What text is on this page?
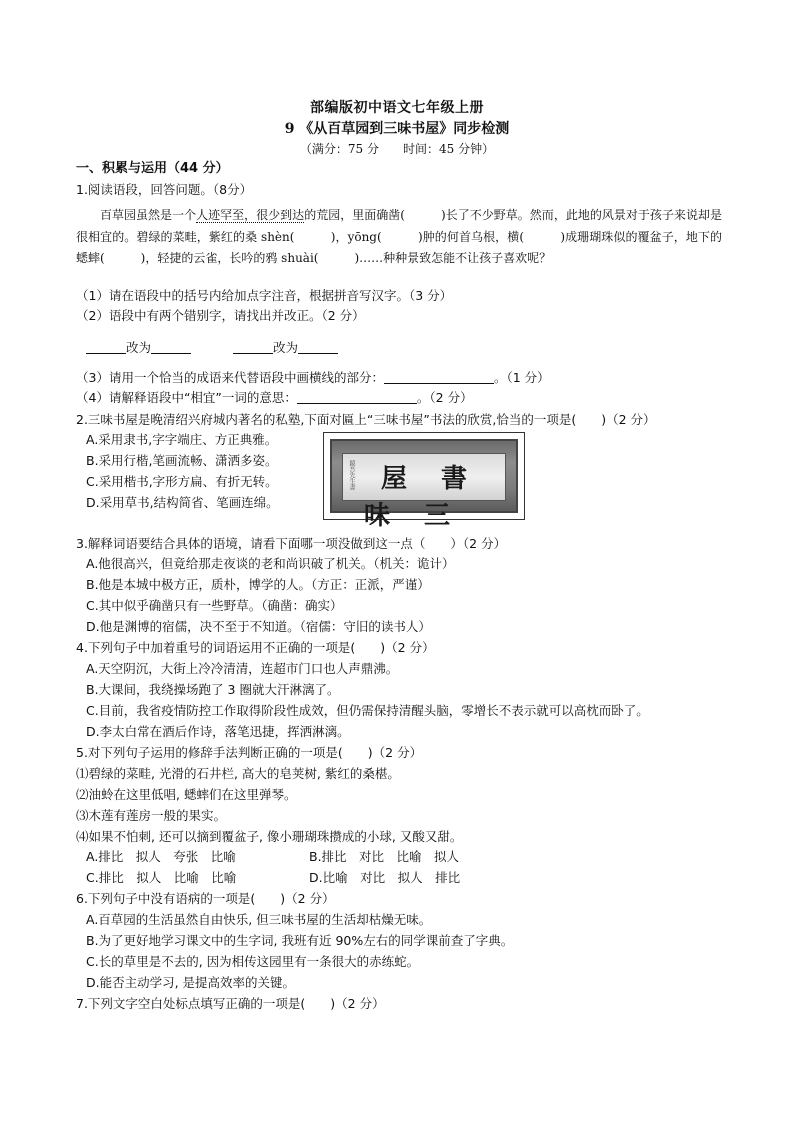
部编版初中语文七年级上册
9 《从百草园到三味书屋》同步检测
（满分：75 分　　时间：45 分钟）
一、积累与运用（44 分）
1.阅读语段，回答问题。（8分）
百草园虽然是一个人迹罕至，很少到达的荒园，里面确凿(　　　)长了不少野草。然而，此地的风景对于孩子来说却是很相宜的。碧绿的菜畦，紫红的桑 shèn(　　　)，yōng(　　　)肿的何首乌根，横(　　　)成珊瑚珠似的覆盆子，地下的蟋蟀(　　　)，轻捷的云雀，长吟的鸦 shuài(　　　)……种种景致怎能不让孩子喜欢呢？
（1）请在语段中的括号内给加点字注音，根据拼音写汉字。（3 分）
（2）语段中有两个错别字，请找出并改正。（2 分）
改为	改为
（3）请用一个恰当的成语来代替语段中画横线的部分：	。（1 分）
（4）请解释语段中“相宜”一词的意思：	。（2 分）
2.三味书屋是晚清绍兴府城内著名的私塾,下面对匾上“三味书屋”书法的欣赏,恰当的一项是(　　)（2 分）
A.采用隶书,字字端庄、方正典雅。
B.采用行楷,笔画流畅、潇洒多姿。
C.采用楷书,字形方扁、有折无转。
D.采用草书,结构简省、笔画连绵。
鏡吾先生書 屋書味三
3.解释词语要结合具体的语境，请看下面哪一项没做到这一点（　　）（2 分）
A.他很高兴，但竟给那走夜谈的老和尚识破了机关。（机关：诡计）
B.他是本城中极方正，质朴，博学的人。（方正：正派，严谨）
C.其中似乎确凿只有一些野草。（确凿：确实）
D.他是渊博的宿儒，决不至于不知道。（宿儒：守旧的读书人）
4.下列句子中加着重号的词语运用不正确的一项是(　　)（2 分）
A.天空阴沉，大街上冷冷清清，连超市门口也人声鼎沸。
B.大课间，我绕操场跑了 3 圈就大汗淋漓了。
C.目前，我省疫情防控工作取得阶段性成效，但仍需保持清醒头脑，零增长不表示就可以高枕而卧了。
D.李太白常在酒后作诗，落笔迅捷，挥洒淋漓。
5.对下列句子运用的修辞手法判断正确的一项是(　　)（2 分）
⑴碧绿的菜畦, 光滑的石井栏, 高大的皂荚树, 紫红的桑椹。
⑵油蛉在这里低唱, 蟋蟀们在这里弹琴。
⑶木莲有莲房一般的果实。
⑷如果不怕刺, 还可以摘到覆盆子, 像小珊瑚珠攒成的小球, 又酸又甜。
A.排比　拟人　夸张　比喻	B.排比　对比　比喻　拟人
C.排比　拟人　比喻　比喻	D.比喻　对比　拟人　排比
6.下列句子中没有语病的一项是(　　)（2 分）
A.百草园的生活虽然自由快乐, 但三味书屋的生活却枯燥无味。
B.为了更好地学习课文中的生字词, 我班有近 90%左右的同学课前查了字典。
C.长的草里是不去的, 因为相传这园里有一条很大的赤练蛇。
D.能否主动学习, 是提高效率的关键。
7.下列文字空白处标点填写正确的一项是(　　)（2 分）
